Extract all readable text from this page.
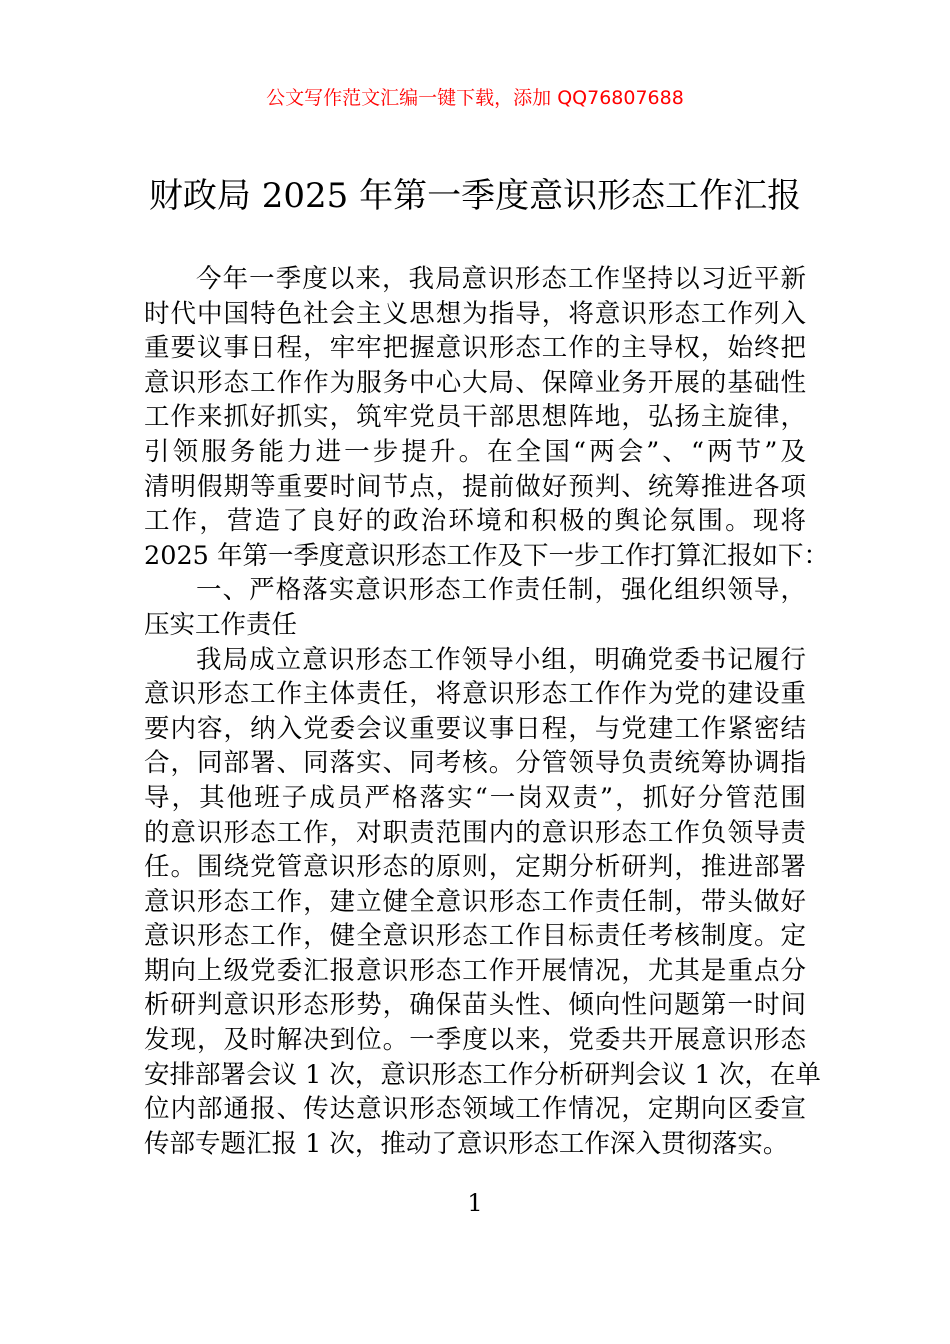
公文写作范文汇编一键下载，添加 QQ76807688
财政局 2025 年第一季度意识形态工作汇报
今年一季度以来，我局意识形态工作坚持以习近平新
时代中国特色社会主义思想为指导，将意识形态工作列入
重要议事日程，牢牢把握意识形态工作的主导权，始终把
意识形态工作作为服务中心大局、保障业务开展的基础性
工作来抓好抓实，筑牢党员干部思想阵地，弘扬主旋律，
引领服务能力进一步提升。在全国“两会”、“两节”及
清明假期等重要时间节点，提前做好预判、统筹推进各项
工作，营造了良好的政治环境和积极的舆论氛围。现将
2025 年第一季度意识形态工作及下一步工作打算汇报如下：
一、严格落实意识形态工作责任制，强化组织领导，
压实工作责任
我局成立意识形态工作领导小组，明确党委书记履行
意识形态工作主体责任，将意识形态工作作为党的建设重
要内容，纳入党委会议重要议事日程，与党建工作紧密结
合，同部署、同落实、同考核。分管领导负责统筹协调指
导，其他班子成员严格落实“一岗双责”，抓好分管范围
的意识形态工作，对职责范围内的意识形态工作负领导责
任。围绕党管意识形态的原则，定期分析研判，推进部署
意识形态工作，建立健全意识形态工作责任制，带头做好
意识形态工作，健全意识形态工作目标责任考核制度。定
期向上级党委汇报意识形态工作开展情况，尤其是重点分
析研判意识形态形势，确保苗头性、倾向性问题第一时间
发现，及时解决到位。一季度以来，党委共开展意识形态
安排部署会议 1 次，意识形态工作分析研判会议 1 次，在单
位内部通报、传达意识形态领域工作情况，定期向区委宣
传部专题汇报 1 次，推动了意识形态工作深入贯彻落实。
1
